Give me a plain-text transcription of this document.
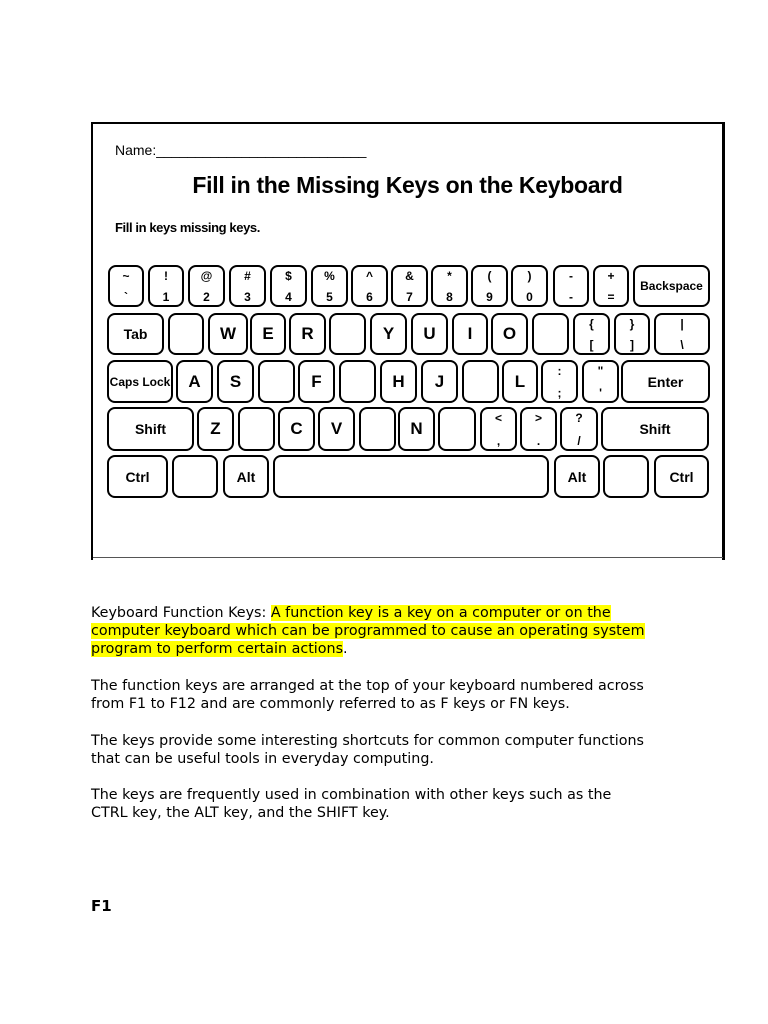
Name:___________________________
Fill in the Missing Keys on the Keyboard
Fill in keys missing keys.
~
`
!
1
@
2
#
3
$
4
%
5
^
6
&
7
*
8
(
9
)
0
-
-
+
=
Backspace
Tab	W E R	Y U I O	{
[
}
]
|
\
Caps Lock A S	F	H J	L
:
;
"
'
Enter
Shift	Z	C V	N
<
,
>
.
?
/
Shift
Ctrl	Alt	Alt	Ctrl
Keyboard Function Keys: A function key is a key on a computer or on the
computer keyboard which can be programmed to cause an operating system
program to perform certain actions.
The function keys are arranged at the top of your keyboard numbered across
from F1 to F12 and are commonly referred to as F keys or FN keys.
The keys provide some interesting shortcuts for common computer functions
that can be useful tools in everyday computing.
The keys are frequently used in combination with other keys such as the
CTRL key, the ALT key, and the SHIFT key.
F1
